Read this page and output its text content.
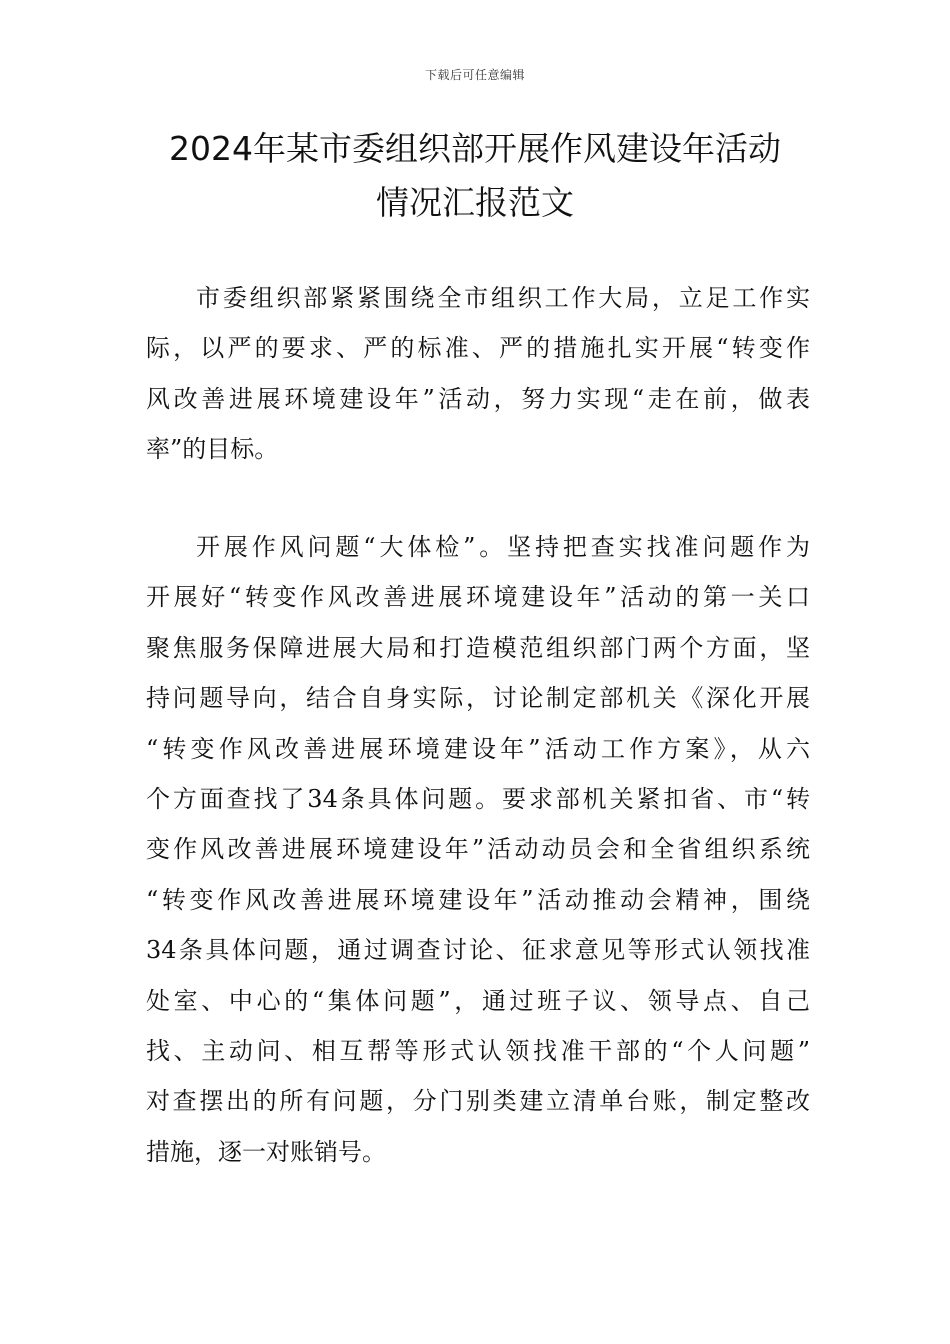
下载后可任意编辑
2024年某市委组织部开展作风建设年活动
情况汇报范文
市委组织部紧紧围绕全市组织工作大局，立足工作实
际，以严的要求、严的标准、严的措施扎实开展“转变作
风改善进展环境建设年”活动，努力实现“走在前，做表
率”的目标。
开展作风问题“大体检”。坚持把查实找准问题作为
开展好“转变作风改善进展环境建设年”活动的第一关口
聚焦服务保障进展大局和打造模范组织部门两个方面，坚
持问题导向，结合自身实际，讨论制定部机关《深化开展
“转变作风改善进展环境建设年”活动工作方案》，从六
个方面查找了34条具体问题。要求部机关紧扣省、市“转
变作风改善进展环境建设年”活动动员会和全省组织系统
“转变作风改善进展环境建设年”活动推动会精神，围绕
34条具体问题，通过调查讨论、征求意见等形式认领找准
处室、中心的“集体问题”，通过班子议、领导点、自己
找、主动问、相互帮等形式认领找准干部的“个人问题”
对查摆出的所有问题，分门别类建立清单台账，制定整改
措施，逐一对账销号。
